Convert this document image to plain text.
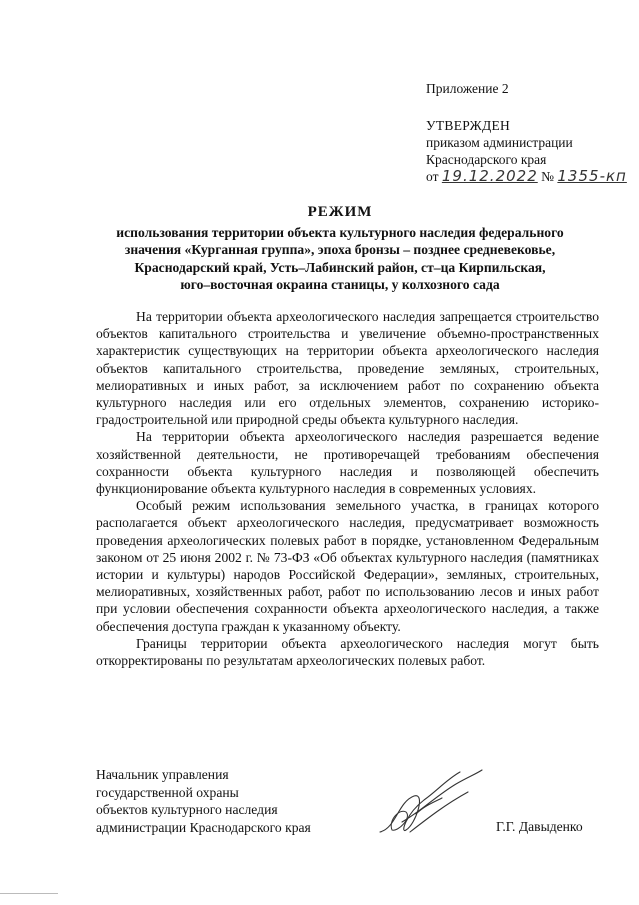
Приложение 2
УТВЕРЖДЕН
приказом администрации
Краснодарского края
от 19.12.2022 № 1355-кп
РЕЖИМ
использования территории объекта культурного наследия федерального
значения «Курганная группа», эпоха бронзы – позднее средневековье,
Краснодарский край, Усть–Лабинский район, ст–ца Кирпильская,
юго–восточная окраина станицы, у колхозного сада

На территории объекта археологического наследия запрещается строительство объектов капитального строительства и увеличение объемно-пространственных характеристик существующих на территории объекта археологического наследия объектов капитального строительства, проведение земляных, строительных, мелиоративных и иных работ, за исключением работ по сохранению объекта культурного наследия или его отдельных элементов, сохранению историко-градостроительной или природной среды объекта культурного наследия.

На территории объекта археологического наследия разрешается ведение хозяйственной деятельности, не противоречащей требованиям обеспечения сохранности объекта культурного наследия и позволяющей обеспечить функционирование объекта культурного наследия в современных условиях.

Особый режим использования земельного участка, в границах которого располагается объект археологического наследия, предусматривает возможность проведения археологических полевых работ в порядке, установленном Федеральным законом от 25 июня 2002 г. № 73-ФЗ «Об объектах культурного наследия (памятниках истории и культуры) народов Российской Федерации», земляных, строительных, мелиоративных, хозяйственных работ, работ по использованию лесов и иных работ при условии обеспечения сохранности объекта археологического наследия, а также обеспечения доступа граждан к указанному объекту.

Границы территории объекта археологического наследия могут быть откорректированы по результатам археологических полевых работ.

Начальник управления
государственной охраны
объектов культурного наследия
администрации Краснодарского края	Г.Г. Давыденко
